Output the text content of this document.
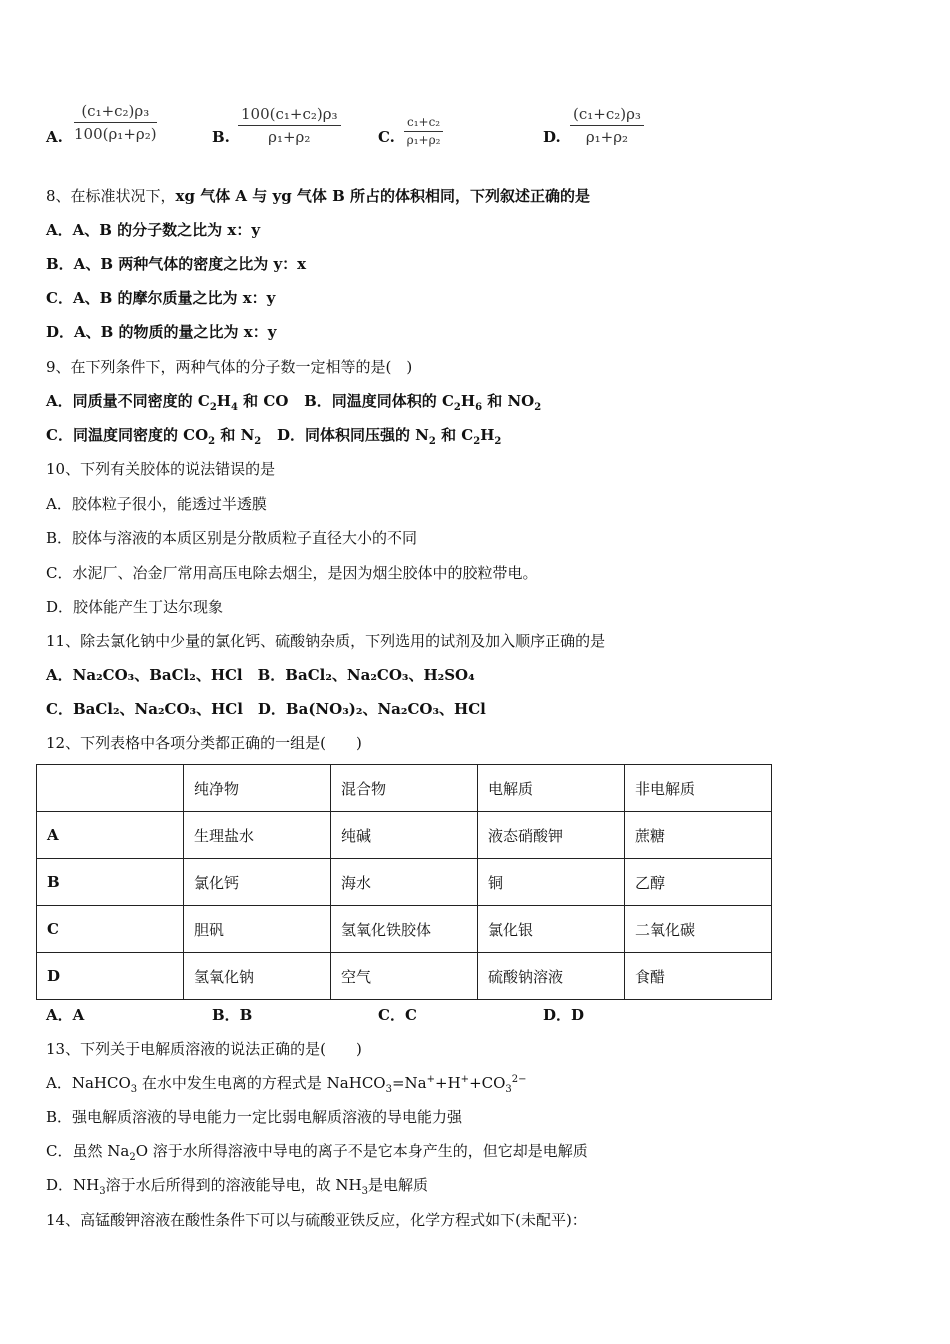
A. $\frac{\text{(c₁+c₂)ρ₃}}{\text{100(ρ₁+ρ₂)}}$	B. $\frac{\text{100(c₁+c₂)ρ₃}}{\text{ρ₁+ρ₂}} C$. $\frac{\text{c₁+c₂}}{\text{ρ₁+ρ₂}}$	D. $\frac{\text{(c₁+c₂)ρ₃}}{\text{ρ₁+ρ₂}}$
8、在标准状况下，xg 气体 A 与 yg 气体 B 所占的体积相同，下列叙述正确的是
A．A、B 的分子数之比为 x：y
B．A、B 两种气体的密度之比为 y：x
C．A、B 的摩尔质量之比为 x：y
D．A、B 的物质的量之比为 x：y
9、在下列条件下，两种气体的分子数一定相等的是(　)
A．同质量不同密度的 $C_2H_4$ 和 CO B．同温度同体积的 $C_2H_6$ 和 $NO_2$
C．同温度同密度的 $CO_2$ 和 $N_2$ D．同体积同压强的 $N_2$ 和 $C_2H_2$
10、下列有关胶体的说法错误的是
A．胶体粒子很小，能透过半透膜
B．胶体与溶液的本质区别是分散质粒子直径大小的不同
C．水泥厂、冶金厂常用高压电除去烟尘，是因为烟尘胶体中的胶粒带电。
D．胶体能产生丁达尔现象
11、除去氯化钠中少量的氯化钙、硫酸钠杂质，下列选用的试剂及加入顺序正确的是
A．Na₂CO₃、BaCl₂、HCl　B．BaCl₂、Na₂CO₃、H₂SO₄
C．BaCl₂、Na₂CO₃、HCl　D．Ba(NO₃)₂、Na₂CO₃、HCl
12、下列表格中各项分类都正确的一组是(　　)
	纯净物	混合物	电解质	非电解质
A	生理盐水	纯碱	液态硝酸钾	蔗糖
B	氯化钙	海水	铜	乙醇
C	胆矾	氢氧化铁胶体	氯化银	二氧化碳
D	氢氧化钠	空气	硫酸钠溶液	食醋
A．A	B．B	C．C	D．D
13、下列关于电解质溶液的说法正确的是(　　)
A．NaHCO$_3$ 在水中发生电离的方程式是 $NaHCO_3=Na^++H^++CO_3^{2-}$
B．强电解质溶液的导电能力一定比弱电解质溶液的导电能力强
C．虽然 $Na_2O$ 溶于水所得溶液中导电的离子不是它本身产生的，但它却是电解质
D．$NH_3$溶于水后所得到的溶液能导电，故 $NH_3$是电解质
14、高锰酸钾溶液在酸性条件下可以与硫酸亚铁反应，化学方程式如下(未配平)：
